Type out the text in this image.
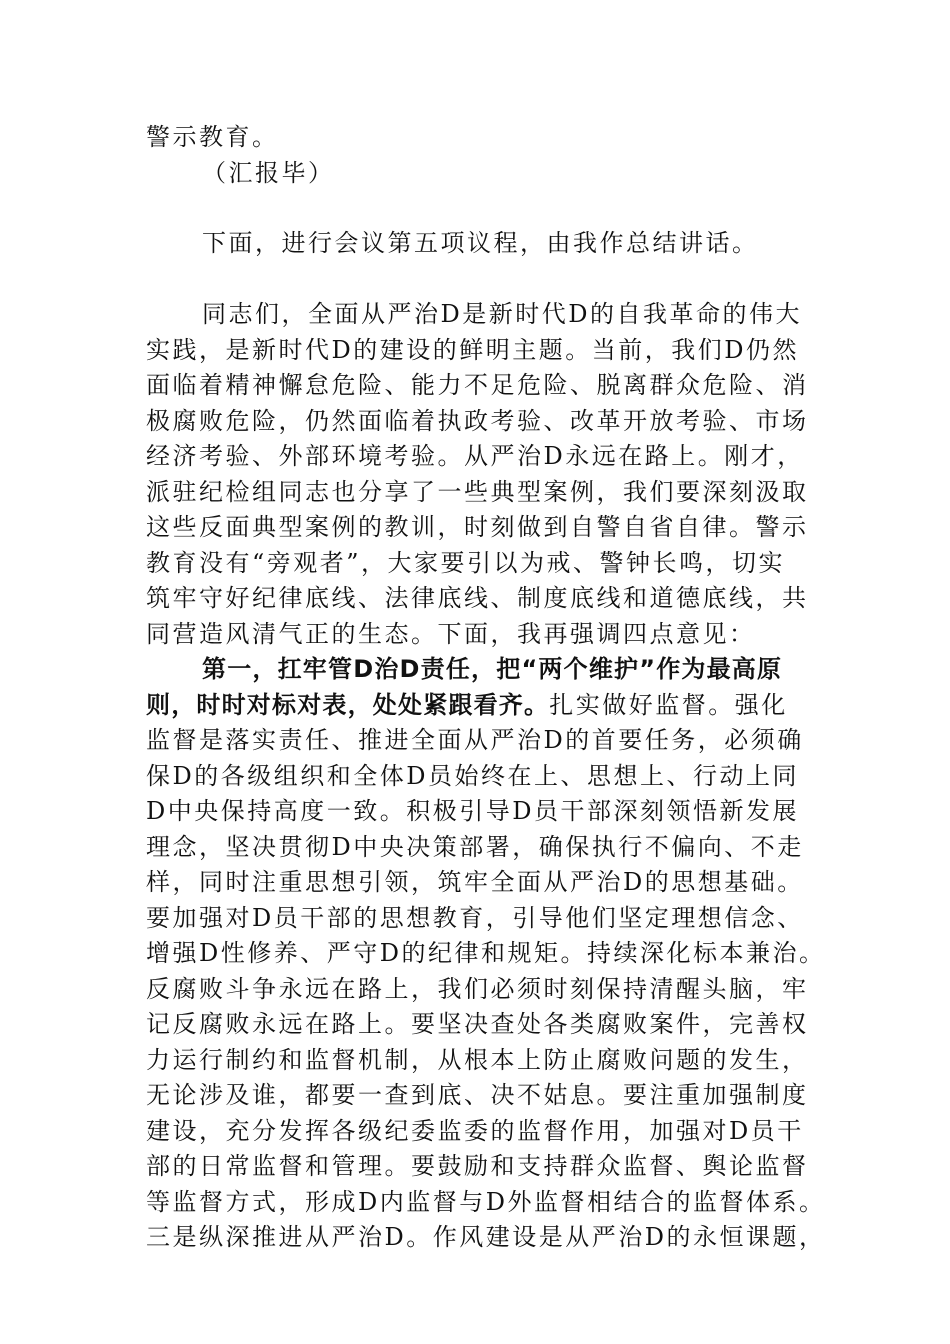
警示教育。
（汇报毕）
下面，进行会议第五项议程，由我作总结讲话。
同志们，全面从严治D是新时代D的自我革命的伟大
实践，是新时代D的建设的鲜明主题。当前，我们D仍然
面临着精神懈怠危险、能力不足危险、脱离群众危险、消
极腐败危险，仍然面临着执政考验、改革开放考验、市场
经济考验、外部环境考验。从严治D永远在路上。刚才，
派驻纪检组同志也分享了一些典型案例，我们要深刻汲取
这些反面典型案例的教训，时刻做到自警自省自律。警示
教育没有“旁观者”，大家要引以为戒、警钟长鸣，切实
筑牢守好纪律底线、法律底线、制度底线和道德底线，共
同营造风清气正的生态。下面，我再强调四点意见：
第一，扛牢管D治D责任，把“两个维护”作为最高原
则，时时对标对表，处处紧跟看齐。扎实做好监督。强化
监督是落实责任、推进全面从严治D的首要任务，必须确
保D的各级组织和全体D员始终在上、思想上、行动上同
D中央保持高度一致。积极引导D员干部深刻领悟新发展
理念，坚决贯彻D中央决策部署，确保执行不偏向、不走
样，同时注重思想引领，筑牢全面从严治D的思想基础。
要加强对D员干部的思想教育，引导他们坚定理想信念、
增强D性修养、严守D的纪律和规矩。持续深化标本兼治。
反腐败斗争永远在路上，我们必须时刻保持清醒头脑，牢
记反腐败永远在路上。要坚决查处各类腐败案件，完善权
力运行制约和监督机制，从根本上防止腐败问题的发生，
无论涉及谁，都要一查到底、决不姑息。要注重加强制度
建设，充分发挥各级纪委监委的监督作用，加强对D员干
部的日常监督和管理。要鼓励和支持群众监督、舆论监督
等监督方式，形成D内监督与D外监督相结合的监督体系。
三是纵深推进从严治D。作风建设是从严治D的永恒课题，
